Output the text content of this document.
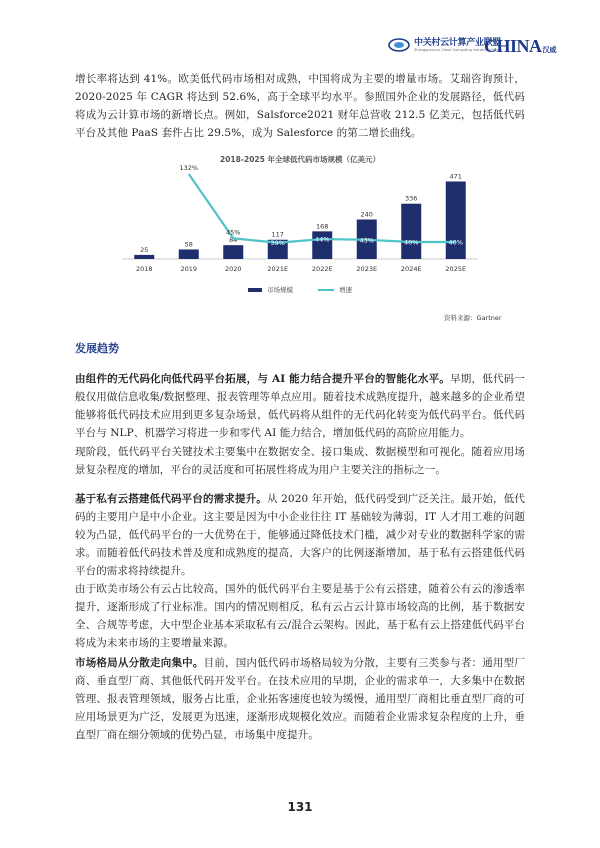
中关村云计算产业联盟
Zhongguancun Cloud Computing Industry Alliance
CHINA 汉威
增长率将达到 41%。欧美低代码市场相对成熟，中国将成为主要的增量市场。艾瑞咨询预计，2020-2025 年 CAGR 将达到 52.6%，高于全球平均水平。参照国外企业的发展路径，低代码将成为云计算市场的新增长点。例如，Salsforce2021 财年总营收 212.5 亿美元，包括低代码平台及其他 PaaS 套件占比 29.5%，成为 Salesforce 的第二增长曲线。
2018-2025 年全球低代码市场规模（亿美元）
25
2018
58
2019
84
2020
117
2021E
168
2022E
240
2023E
336
2024E
471
2025E
132%
45%
39%	44%	43%	40%	40%
市场规模	增速
资料来源：Gartner
发展趋势
由组件的无代码化向低代码平台拓展，与 AI 能力结合提升平台的智能化水平。早期，低代码一般仅用做信息收集/数据整理、报表管理等单点应用。随着技术成熟度提升，越来越多的企业希望能够将低代码技术应用到更多复杂场景，低代码将从组件的无代码化转变为低代码平台。低代码平台与 NLP、机器学习将进一步和零代 AI 能力结合，增加低代码的高阶应用能力。
现阶段，低代码平台关键技术主要集中在数据安全、接口集成、数据模型和可视化。随着应用场景复杂程度的增加，平台的灵活度和可拓展性将成为用户主要关注的指标之一。
基于私有云搭建低代码平台的需求提升。从 2020 年开始，低代码受到广泛关注。最开始，低代码的主要用户是中小企业。这主要是因为中小企业往往 IT 基础较为薄弱，IT 人才用工难的问题较为凸显，低代码平台的一大优势在于，能够通过降低技术门槛，减少对专业的数据科学家的需求。而随着低代码技术普及度和成熟度的提高，大客户的比例逐渐增加，基于私有云搭建低代码平台的需求将持续提升。
由于欧美市场公有云占比较高，国外的低代码平台主要是基于公有云搭建，随着公有云的渗透率提升，逐渐形成了行业标准。国内的情况则相反，私有云占云计算市场较高的比例，基于数据安全、合规等考虑，大中型企业基本采取私有云/混合云架构。因此，基于私有云上搭建低代码平台将成为未来市场的主要增量来源。
市场格局从分散走向集中。目前，国内低代码市场格局较为分散，主要有三类参与者：通用型厂商、垂直型厂商、其他低代码开发平台。在技术应用的早期，企业的需求单一，大多集中在数据管理、报表管理领域，服务占比重，企业拓客速度也较为缓慢，通用型厂商相比垂直型厂商的可应用场景更为广泛，发展更为迅速，逐渐形成规模化效应。而随着企业需求复杂程度的上升，垂直型厂商在细分领域的优势凸显，市场集中度提升。
131
